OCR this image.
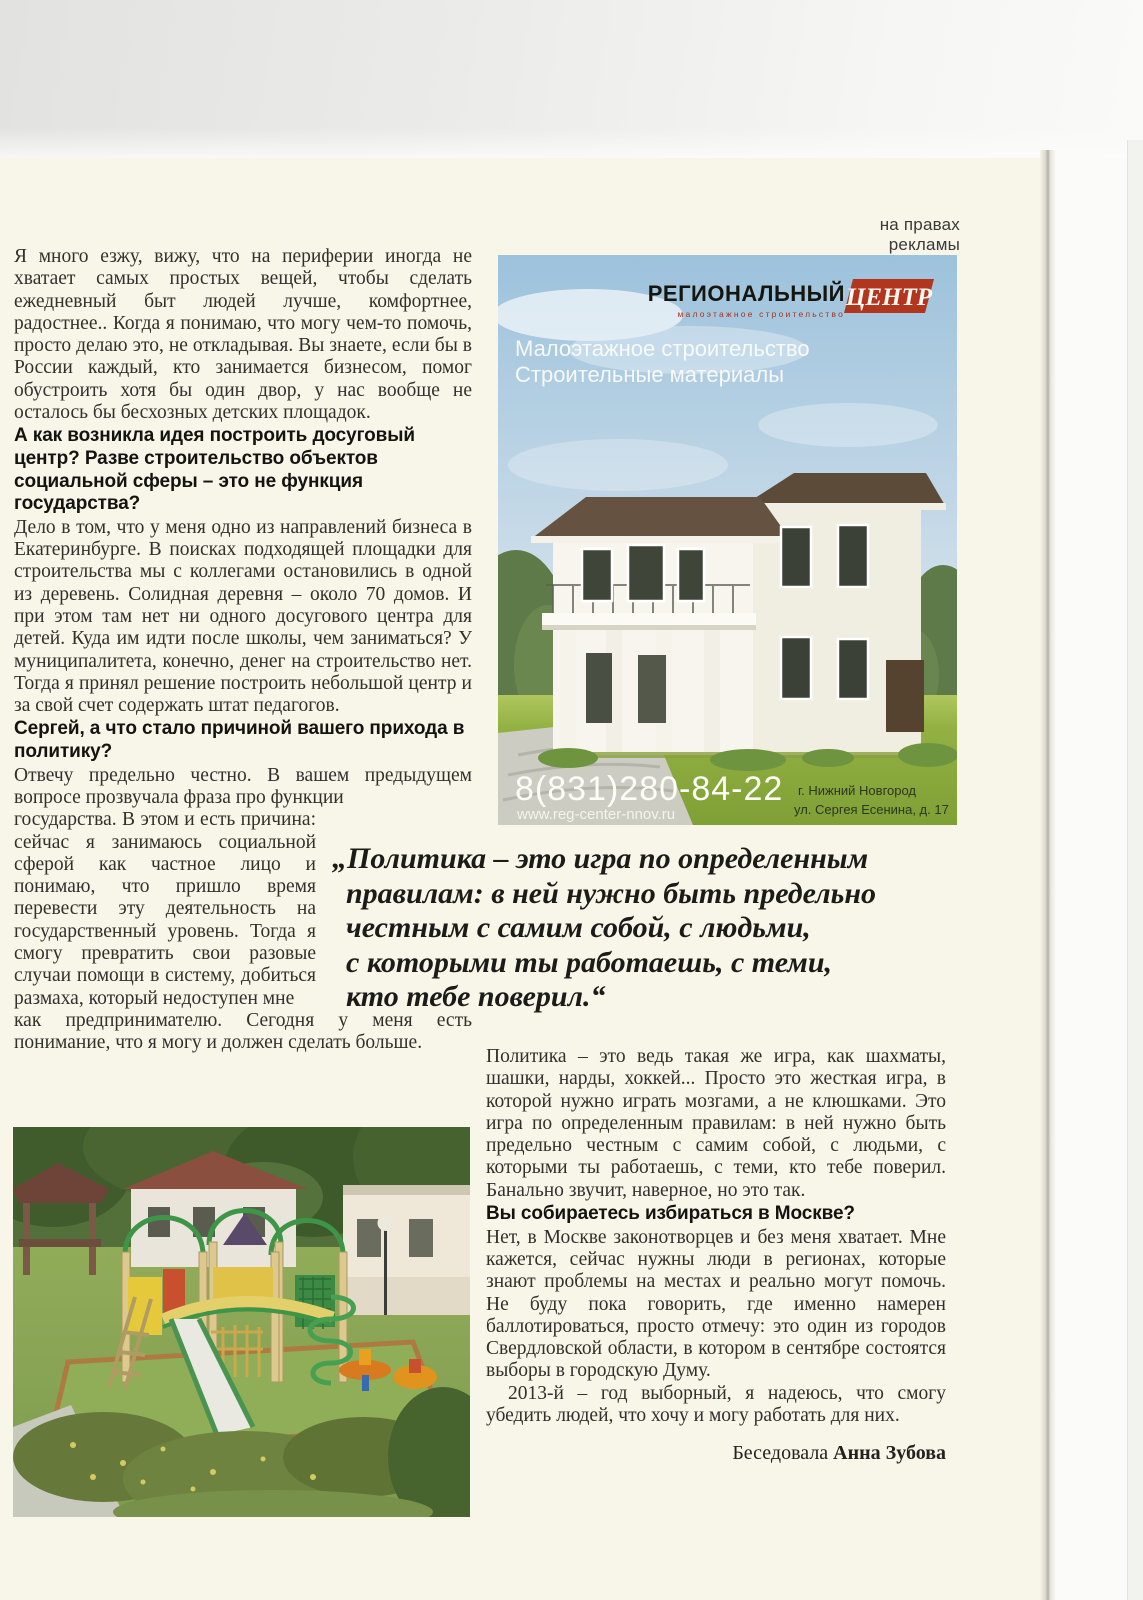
на правах рекламы
Я много езжу, вижу, что на периферии иногда не хватает самых простых вещей, чтобы сделать ежедневный быт людей лучше, комфортнее, радостнее.. Когда я понимаю, что могу чем-то помочь, просто делаю это, не откладывая. Вы знаете, если бы в России каждый, кто занимается бизнесом, помог обустроить хотя бы один двор, у нас вообще не осталось бы бесхозных детских площадок.
А как возникла идея построить досуговый центр? Разве строительство объектов социальной сферы – это не функция государства?
Дело в том, что у меня одно из направлений бизнеса в Екатеринбурге. В поисках подходящей площадки для строительства мы с коллегами остановились в одной из деревень. Солидная деревня – около 70 домов. И при этом там нет ни одного досугового центра для детей. Куда им идти после школы, чем заниматься? У муниципалитета, конечно, денег на строительство нет. Тогда я принял решение построить небольшой центр и за свой счет содержать штат педагогов.
Сергей, а что стало причиной вашего прихода в политику?
Отвечу предельно честно. В вашем предыдущем вопросе прозвучала фраза про функции
государства. В этом и есть причина: сейчас я занимаюсь социальной сферой как частное лицо и понимаю, что пришло время перевести эту деятельность на государственный уровень. Тогда я смогу превратить свои разовые случаи помощи в систему, добиться размаха, который недоступен мне
как предпринимателю. Сегодня у меня есть понимание, что я могу и должен сделать больше.
„Политика – это игра по определенным
правилам: в ней нужно быть предельно
честным с самим собой, с людьми,
с которыми ты работаешь, с теми,
кто тебе поверил.“
Политика – это ведь такая же игра, как шахматы, шашки, нарды, хоккей... Просто это жесткая игра, в которой нужно играть мозгами, а не клюшками. Это игра по определенным правилам: в ней нужно быть предельно честным с самим собой, с людьми, с которыми ты работаешь, с теми, кто тебе поверил. Банально звучит, наверное, но это так.
Вы собираетесь избираться в Москве?
Нет, в Москве законотворцев и без меня хватает. Мне кажется, сейчас нужны люди в регионах, которые знают проблемы на местах и реально могут помочь. Не буду пока говорить, где именно намерен баллотироваться, просто отмечу: это один из городов Свердловской области, в котором в сентябре состоятся выборы в городскую Думу.
2013-й – год выборный, я надеюсь, что смогу убедить людей, что хочу и могу работать для них.
Беседовала Анна Зубова
РЕГИОНАЛЬНЫЙ ЦЕНТР
малоэтажное строительство
Малоэтажное строительство
Строительные материалы
8(831)280-84-22
www.reg-center-nnov.ru
г. Нижний Новгород
ул. Сергея Есенина, д. 17
